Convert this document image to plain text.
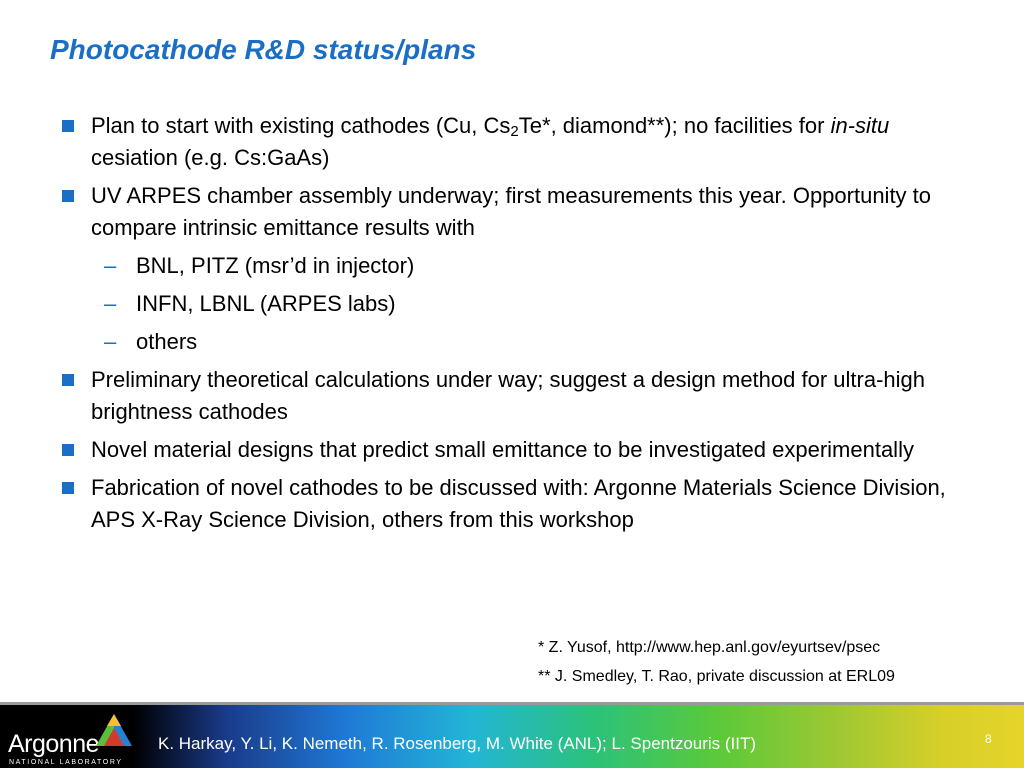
Photocathode R&D status/plans
Plan to start with existing cathodes (Cu, $Cs_2Te*$, diamond**); no facilities for in-situ cesiation (e.g. Cs:GaAs)
UV ARPES chamber assembly underway; first measurements this year. Opportunity to compare intrinsic emittance results with
– BNL, PITZ (msr’d in injector)
– INFN, LBNL (ARPES labs)
– others
Preliminary theoretical calculations under way; suggest a design method for ultra-high brightness cathodes
Novel material designs that predict small emittance to be investigated experimentally
Fabrication of novel cathodes to be discussed with: Argonne Materials Science Division, APS X-Ray Science Division, others from this workshop
* Z. Yusof, http://www.hep.anl.gov/eyurtsev/psec
** J. Smedley, T. Rao, private discussion at ERL09
Argonne
NATIONAL LABORATORY
K. Harkay, Y. Li, K. Nemeth, R. Rosenberg, M. White (ANL); L. Spentzouris (IIT)	8
